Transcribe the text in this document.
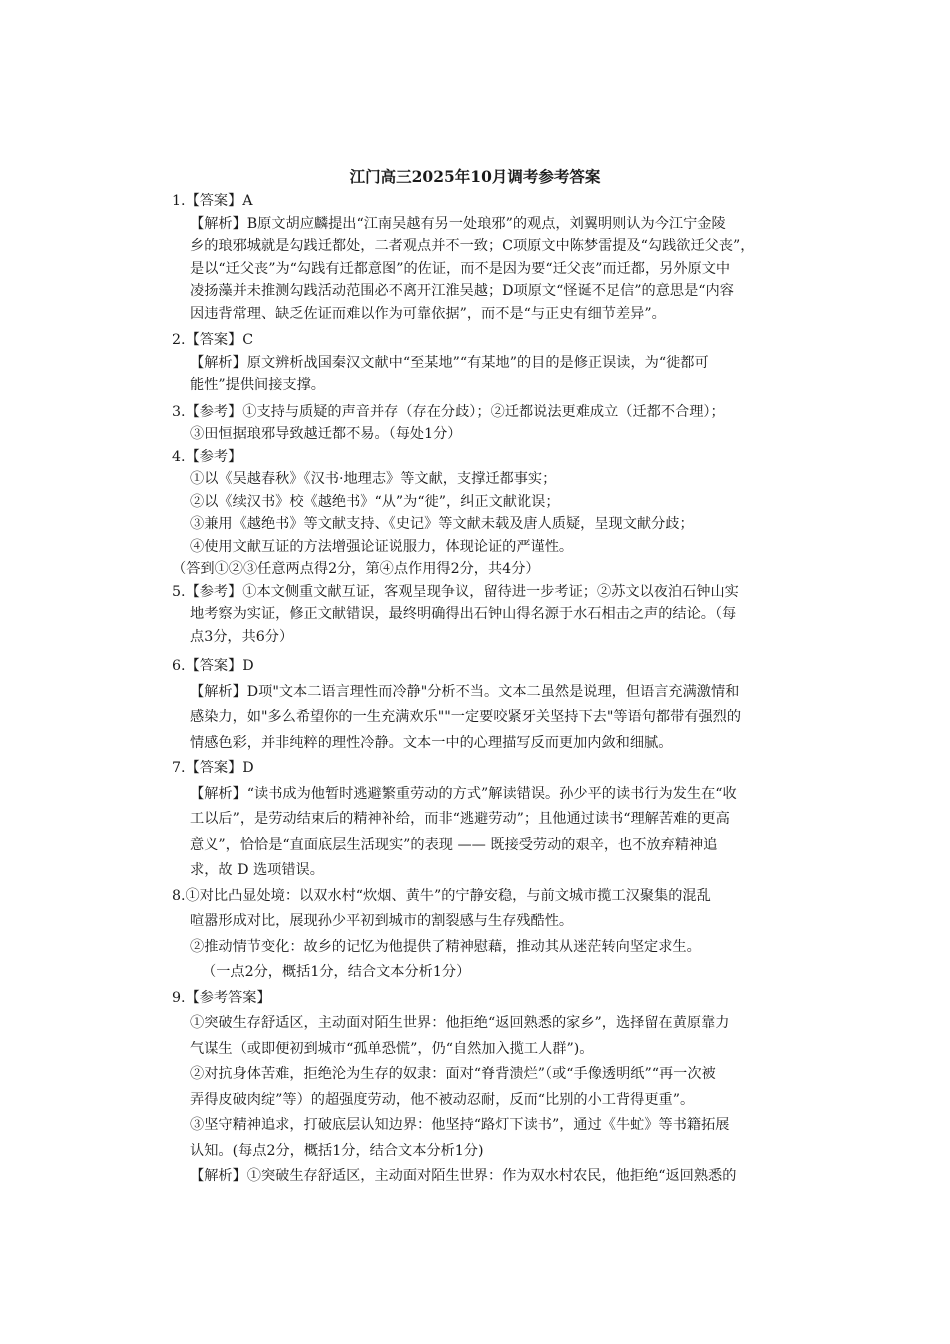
江门高三2025年10月调考参考答案
1.【答案】A
【解析】B原文胡应麟提出“江南吴越有另一处琅邪”的观点，刘翼明则认为今江宁金陵
乡的琅邪城就是勾践迁都处，二者观点并不一致；C项原文中陈梦雷提及“勾践欲迁父丧”，
是以“迁父丧”为“勾践有迁都意图”的佐证，而不是因为要“迁父丧”而迁都，另外原文中
凌扬藻并未推测勾践活动范围必不离开江淮吴越；D项原文“怪诞不足信”的意思是“内容
因违背常理、缺乏佐证而难以作为可靠依据”，而不是“与正史有细节差异”。
2.【答案】C
【解析】原文辨析战国秦汉文献中“至某地”“有某地”的目的是修正误读，为“徙都可
能性”提供间接支撑。
3.【参考】①支持与质疑的声音并存（存在分歧）；②迁都说法更难成立（迁都不合理）；
③田恒据琅邪导致越迁都不易。（每处1分）
4.【参考】
①以《吴越春秋》《汉书·地理志》等文献，支撑迁都事实；
②以《续汉书》校《越绝书》“从”为“徙”，纠正文献讹误；
③兼用《越绝书》等文献支持、《史记》等文献未载及唐人质疑，呈现文献分歧；
④使用文献互证的方法增强论证说服力，体现论证的严谨性。
（答到①②③任意两点得2分，第④点作用得2分，共4分）
5.【参考】①本文侧重文献互证，客观呈现争议，留待进一步考证；②苏文以夜泊石钟山实
地考察为实证，修正文献错误，最终明确得出石钟山得名源于水石相击之声的结论。（每
点3分，共6分）
6.【答案】D
【解析】D项"文本二语言理性而冷静"分析不当。文本二虽然是说理，但语言充满激情和
感染力，如"多么希望你的一生充满欢乐""一定要咬紧牙关坚持下去"等语句都带有强烈的
情感色彩，并非纯粹的理性冷静。文本一中的心理描写反而更加内敛和细腻。
7.【答案】D
【解析】“读书成为他暂时逃避繁重劳动的方式”解读错误。孙少平的读书行为发生在“收
工以后”，是劳动结束后的精神补给，而非“逃避劳动”；且他通过读书“理解苦难的更高
意义”，恰恰是“直面底层生活现实”的表现 —— 既接受劳动的艰辛，也不放弃精神追
求，故 D 选项错误。
8.①对比凸显处境：以双水村“炊烟、黄牛”的宁静安稳，与前文城市揽工汉聚集的混乱
喧嚣形成对比，展现孙少平初到城市的割裂感与生存残酷性。
②推动情节变化：故乡的记忆为他提供了精神慰藉，推动其从迷茫转向坚定求生。
（一点2分，概括1分，结合文本分析1分）
9.【参考答案】
①突破生存舒适区，主动面对陌生世界：他拒绝“返回熟悉的家乡”，选择留在黄原靠力
气谋生（或即便初到城市“孤单恐慌”，仍“自然加入揽工人群”)。
②对抗身体苦难，拒绝沦为生存的奴隶：面对“脊背溃烂”（或“手像透明纸”“再一次被
弄得皮破肉绽”等）的超强度劳动，他不被动忍耐，反而“比别的小工背得更重”。
③坚守精神追求，打破底层认知边界：他坚持“路灯下读书”，通过《牛虻》等书籍拓展
认知。(每点2分，概括1分，结合文本分析1分)
【解析】①突破生存舒适区，主动面对陌生世界：作为双水村农民，他拒绝“返回熟悉的
